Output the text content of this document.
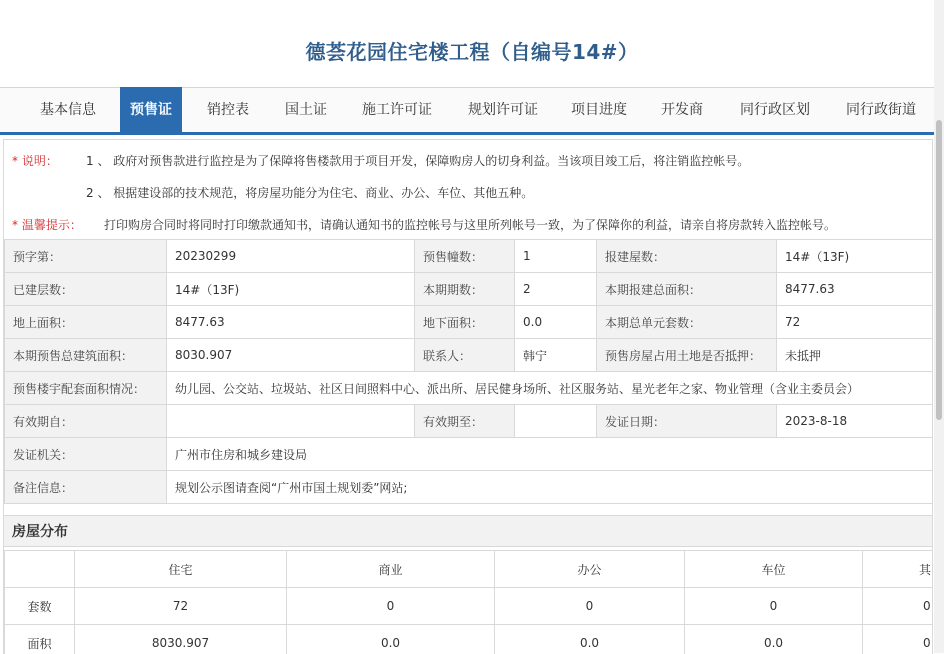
德荟花园住宅楼工程（自编号14#）
基本信息	预售证	销控表	国土证	施工许可证	规划许可证	项目进度	开发商	同行政区划	同行政街道
* 说明： 1 、 政府对预售款进行监控是为了保障将售楼款用于项目开发，保障购房人的切身利益。当该项目竣工后，将注销监控帐号。
2 、 根据建设部的技术规范，将房屋功能分为住宅、商业、办公、车位、其他五种。
* 温馨提示： 打印购房合同时将同时打印缴款通知书，请确认通知书的监控帐号与这里所列帐号一致，为了保障你的利益，请亲自将房款转入监控帐号。
预字第：	20230299	预售幢数：	1	报建屋数：	14#（13F)
已建层数：	14#（13F)	本期期数：	2	本期报建总面积：	8477.63
地上面积：	8477.63	地下面积：	0.0	本期总单元套数：	72
本期预售总建筑面积：	8030.907	联系人：	韩宁	预售房屋占用土地是否抵押：	未抵押
预售楼宇配套面积情况：	幼儿园、公交站、垃圾站、社区日间照料中心、派出所、居民健身场所、社区服务站、星光老年之家、物业管理（含业主委员会）				
有效期自：		有效期至：		发证日期：	2023-8-18
发证机关：	广州市住房和城乡建设局				
备注信息：	规划公示图请查阅“广州市国土规划委”网站;				
房屋分布
	住宅	商业	办公	车位	其
套数	72	0	0	0	0
面积	8030.907	0.0	0.0	0.0	0
